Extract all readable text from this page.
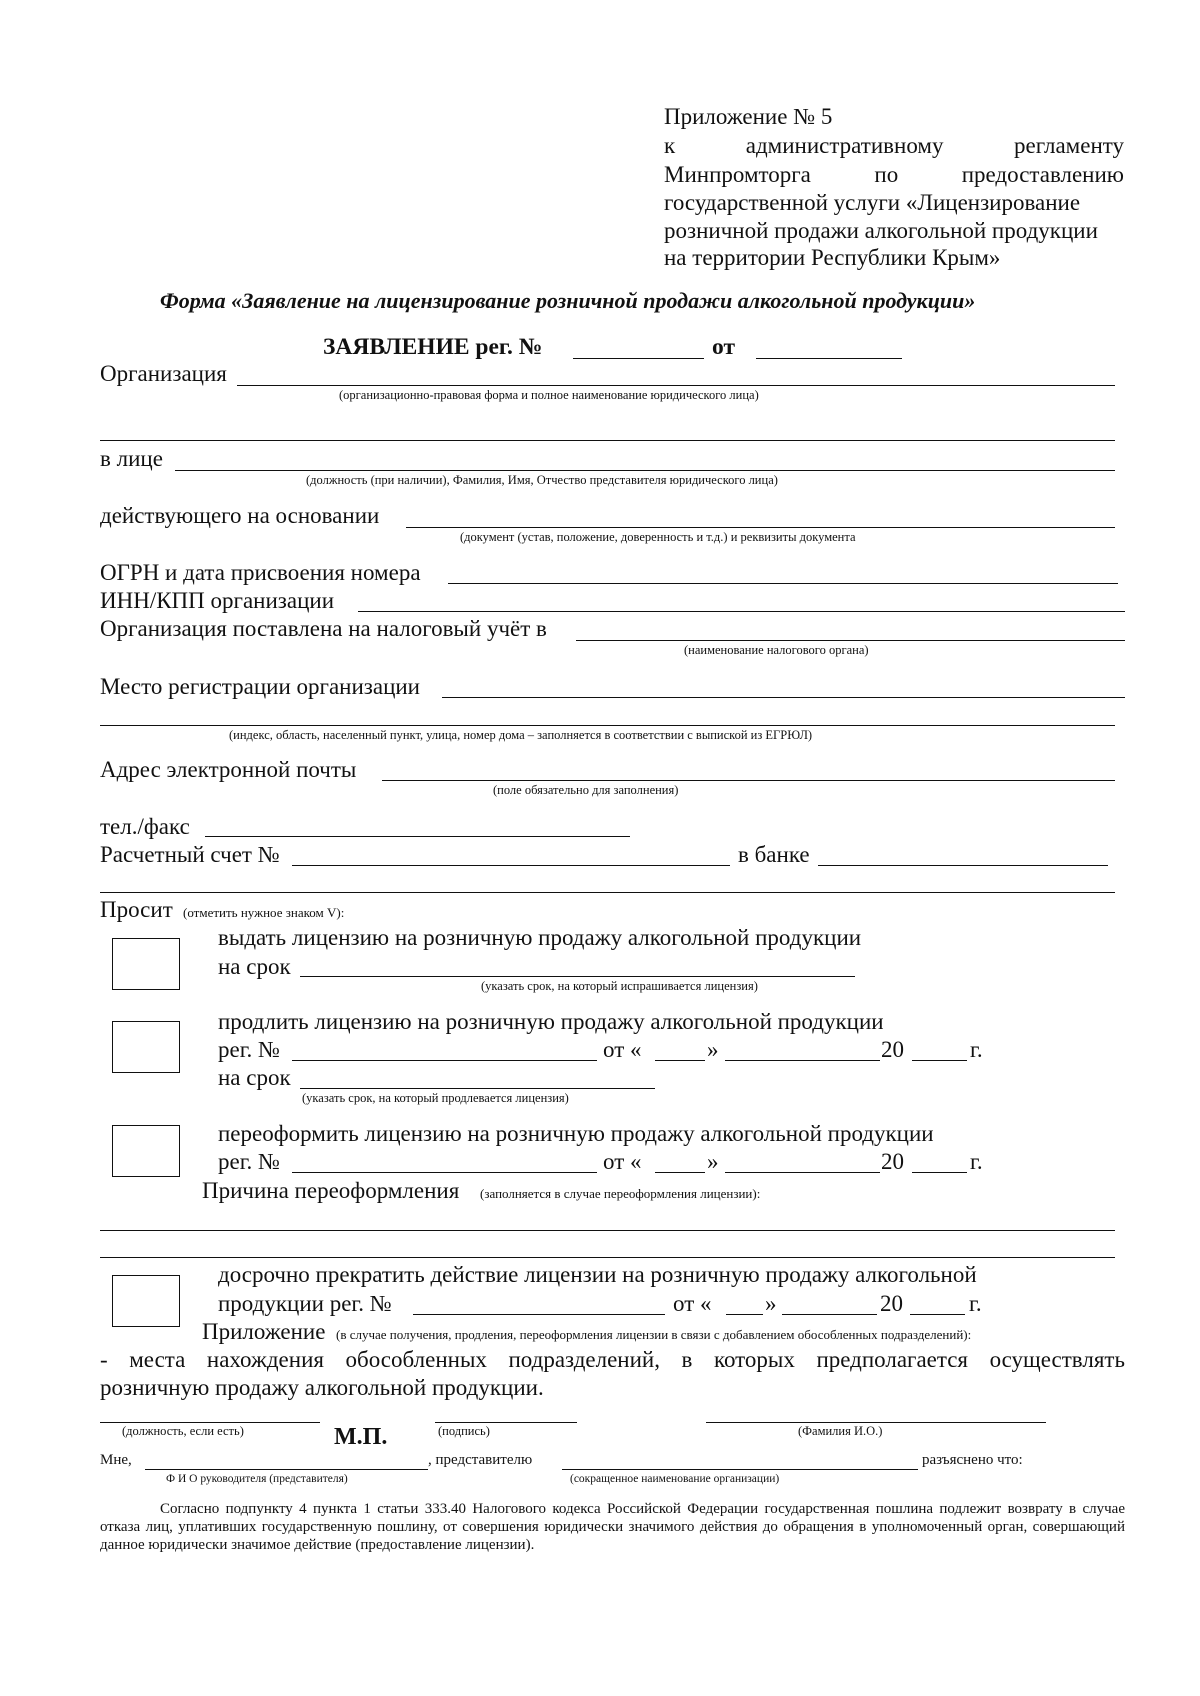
Приложение № 5
к	административному	регламенту
Минпромторга	по	предоставлению
государственной услуги «Лицензирование
розничной продажи алкогольной продукции
на территории Республики Крым»
Форма «Заявление на лицензирование розничной продажи алкогольной продукции»
ЗАЯВЛЕНИЕ рег. №	от
Организация
(организационно-правовая форма и полное наименование юридического лица)
в лице
(должность (при наличии), Фамилия, Имя, Отчество представителя юридического лица)
действующего на основании
(документ (устав, положение, доверенность и т.д.) и реквизиты документа
ОГРН и дата присвоения номера
ИНН/КПП организации
Организация поставлена на налоговый учёт в
(наименование налогового органа)
Место регистрации организации
(индекс, область, населенный пункт, улица, номер дома – заполняется в соответствии с выпиской из ЕГРЮЛ)
Адрес электронной почты
(поле обязательно для заполнения)
тел./факс
Расчетный счет №	в банке
Просит (отметить нужное знаком V):
выдать лицензию на розничную продажу алкогольной продукции
на срок
(указать срок, на который испрашивается лицензия)
продлить лицензию на розничную продажу алкогольной продукции
рег. №	от «	»	20	г.
на срок
(указать срок, на который продлевается лицензия)
переоформить лицензию на розничную продажу алкогольной продукции
рег. №	от «	»	20	г.
Причина переоформления (заполняется в случае переоформления лицензии):
досрочно прекратить действие лицензии на розничную продажу алкогольной
продукции рег. №	от « »	20	г.
Приложение (в случае получения, продления, переоформления лицензии в связи с добавлением обособленных подразделений):
- места нахождения обособленных подразделений, в которых предполагается осуществлять
розничную продажу алкогольной продукции.
(должность, если есть)	М.П.	(подпись)	(Фамилия И.О.)
Мне,	, представителю	разъяснено что:
Ф И О руководителя (представителя)	(сокращенное наименование организации)
Согласно подпункту 4 пункта 1 статьи 333.40 Налогового кодекса Российской Федерации государственная пошлина подлежит возврату в случае отказа лиц, уплативших государственную пошлину, от совершения юридически значимого действия до обращения в уполномоченный орган, совершающий данное юридически значимое действие (предоставление лицензии).
